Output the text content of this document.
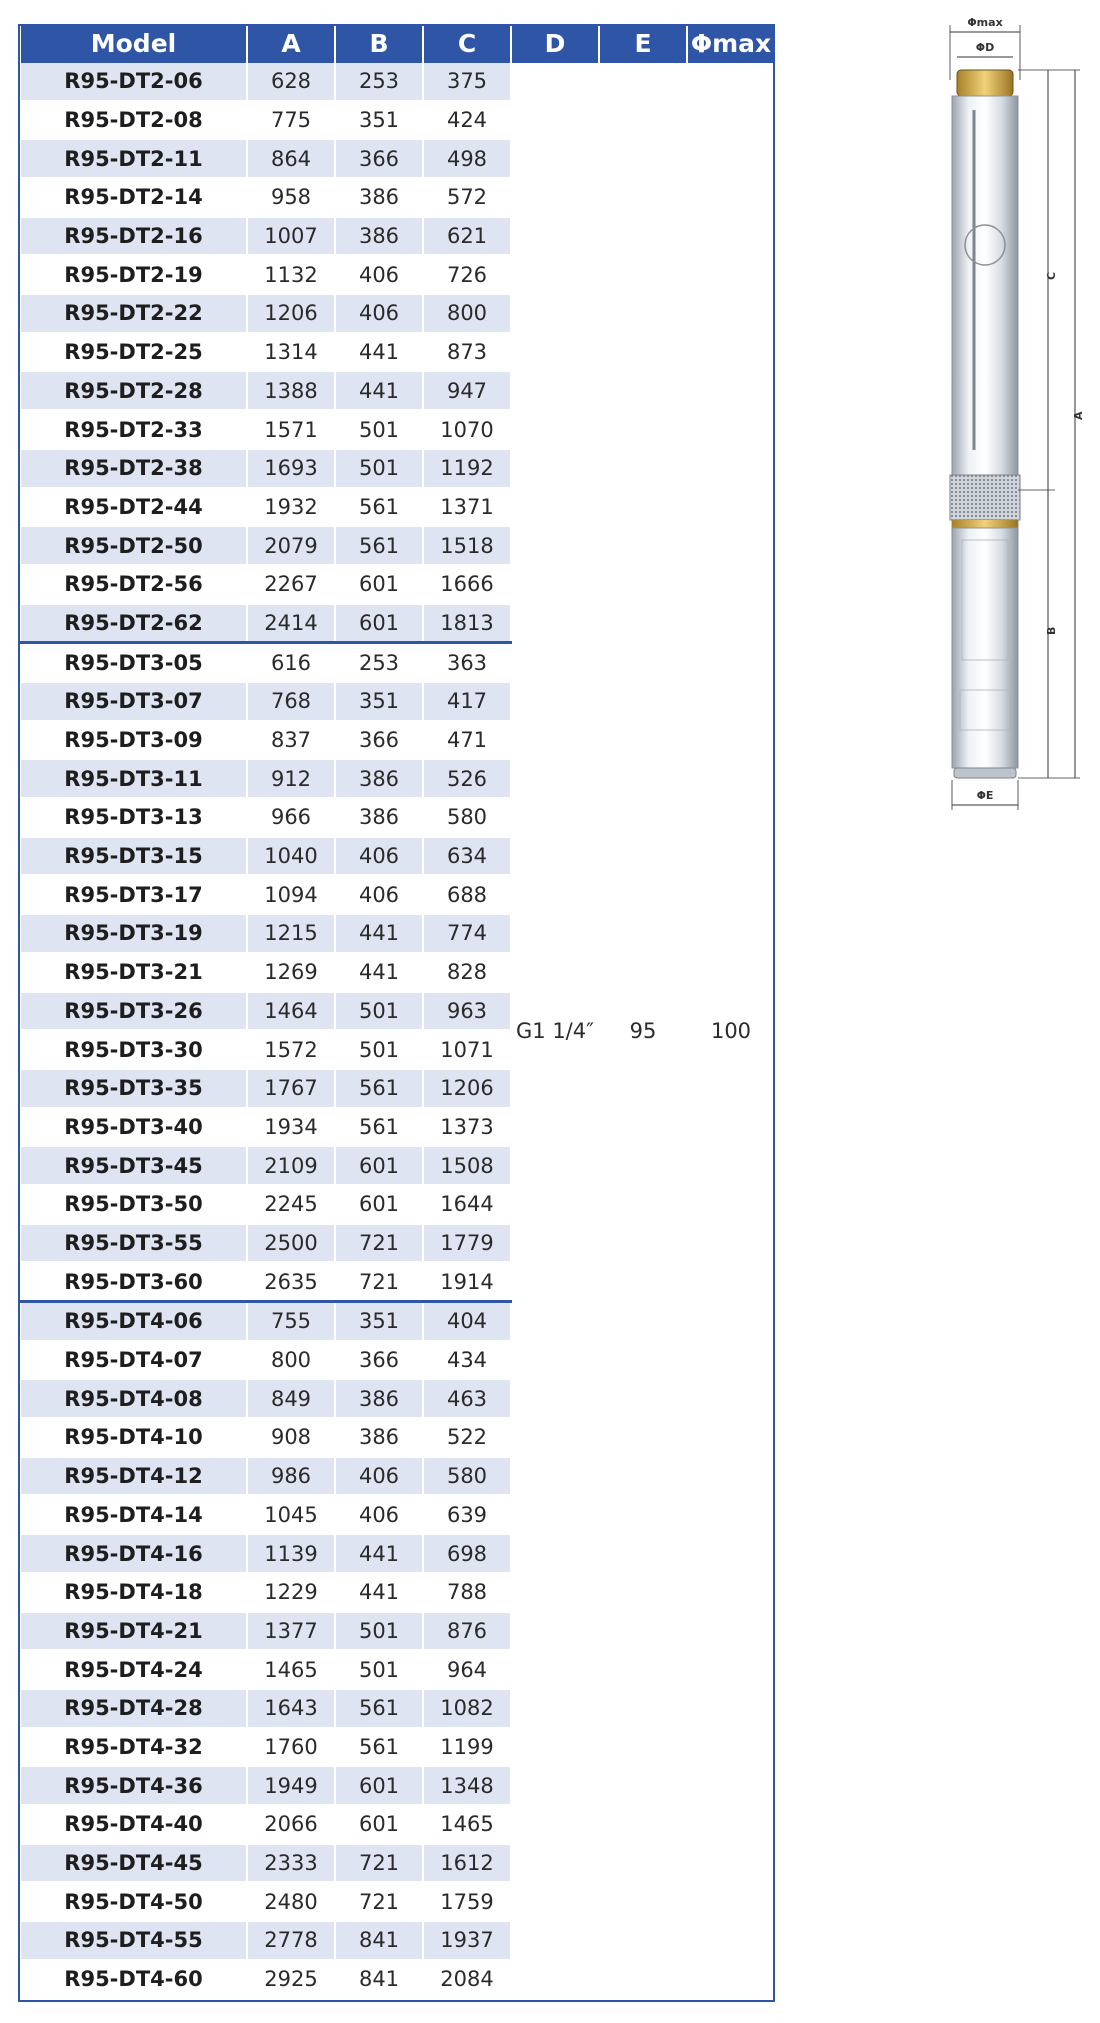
Model	A	B	C	D	E	Φmax
R95-DT2-06	628	253	375	G1 1/4″	95	100
R95-DT2-08	775	351	424			
R95-DT2-11	864	366	498			
R95-DT2-14	958	386	572			
R95-DT2-16	1007	386	621			
R95-DT2-19	1132	406	726			
R95-DT2-22	1206	406	800			
R95-DT2-25	1314	441	873			
R95-DT2-28	1388	441	947			
R95-DT2-33	1571	501	1070			
R95-DT2-38	1693	501	1192			
R95-DT2-44	1932	561	1371			
R95-DT2-50	2079	561	1518			
R95-DT2-56	2267	601	1666			
R95-DT2-62	2414	601	1813			
R95-DT3-05	616	253	363			
R95-DT3-07	768	351	417			
R95-DT3-09	837	366	471			
R95-DT3-11	912	386	526			
R95-DT3-13	966	386	580			
R95-DT3-15	1040	406	634			
R95-DT3-17	1094	406	688			
R95-DT3-19	1215	441	774			
R95-DT3-21	1269	441	828			
R95-DT3-26	1464	501	963			
R95-DT3-30	1572	501	1071			
R95-DT3-35	1767	561	1206			
R95-DT3-40	1934	561	1373			
R95-DT3-45	2109	601	1508			
R95-DT3-50	2245	601	1644			
R95-DT3-55	2500	721	1779			
R95-DT3-60	2635	721	1914			
R95-DT4-06	755	351	404			
R95-DT4-07	800	366	434			
R95-DT4-08	849	386	463			
R95-DT4-10	908	386	522			
R95-DT4-12	986	406	580			
R95-DT4-14	1045	406	639			
R95-DT4-16	1139	441	698			
R95-DT4-18	1229	441	788			
R95-DT4-21	1377	501	876			
R95-DT4-24	1465	501	964			
R95-DT4-28	1643	561	1082			
R95-DT4-32	1760	561	1199			
R95-DT4-36	1949	601	1348			
R95-DT4-40	2066	601	1465			
R95-DT4-45	2333	721	1612			
R95-DT4-50	2480	721	1759			
R95-DT4-55	2778	841	1937			
R95-DT4-60	2925	841	2084			
Φmax
ΦD
C
A
B
ΦE
